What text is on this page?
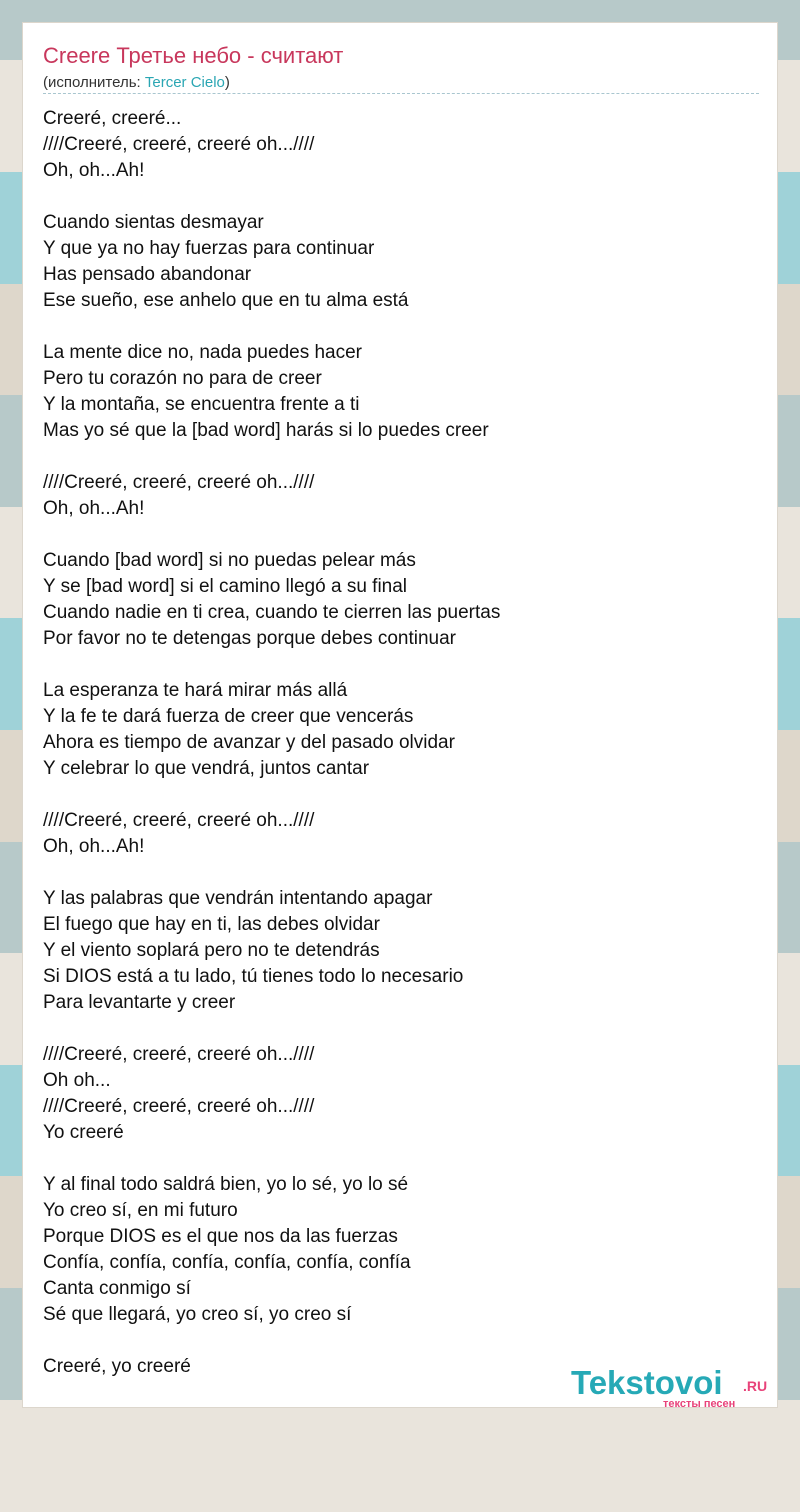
Creere Третье небо - считают
(исполнитель: Tercer Cielo)
Creeré, creeré...
////Creeré, creeré, creeré oh...////
Oh, oh...Ah!

Cuando sientas desmayar
Y que ya no hay fuerzas para continuar
Has pensado abandonar
Ese sueño, ese anhelo que en tu alma está

La mente dice no, nada puedes hacer
Pero tu corazón no para de creer
Y la montaña, se encuentra frente a ti
Mas yo sé que la [bad word] harás si lo puedes creer

////Creeré, creeré, creeré oh...////
Oh, oh...Ah!

Cuando [bad word] si no puedas pelear más
Y se [bad word] si el camino llegó a su final
Cuando nadie en ti crea, cuando te cierren las puertas
Por favor no te detengas porque debes continuar

La esperanza te hará mirar más allá
Y la fe te dará fuerza de creer que vencerás
Ahora es tiempo de avanzar y del pasado olvidar
Y celebrar lo que vendrá, juntos cantar

////Creeré, creeré, creeré oh...////
Oh, oh...Ah!

Y las palabras que vendrán intentando apagar
El fuego que hay en ti, las debes olvidar
Y el viento soplará pero no te detendrás
Si DIOS está a tu lado, tú tienes todo lo necesario
Para levantarte y creer

////Creeré, creeré, creeré oh...////
Oh oh...
////Creeré, creeré, creeré oh...////
Yo creeré

Y al final todo saldrá bien, yo lo sé, yo lo sé
Yo creo sí, en mi futuro
Porque DIOS es el que nos da las fuerzas
Confía, confía, confía, confía, confía, confía
Canta conmigo sí
Sé que llegará, yo creo sí, yo creo sí

Creeré, yo creeré	Tekstovoi .RU
тексты песен
